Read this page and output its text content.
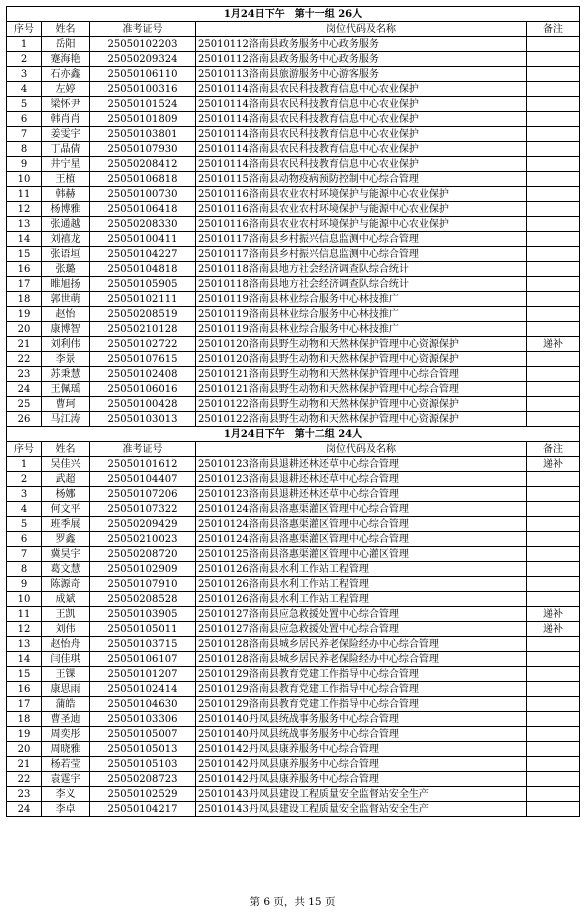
1月24日下午　第十一组 26人				
序号	姓名	准考证号	岗位代码及名称	备注
1	岳阳	25050102203	25010112洛南县政务服务中心政务服务	
2	蹇海艳	25050209324	25010112洛南县政务服务中心政务服务	
3	石亦鑫	25050106110	25010113洛南县旅游服务中心游客服务	
4	左婷	25050100316	25010114洛南县农民科技教育信息中心农业保护	
5	梁怀尹	25050101524	25010114洛南县农民科技教育信息中心农业保护	
6	韩肖肖	25050101809	25010114洛南县农民科技教育信息中心农业保护	
7	姜雯宇	25050103801	25010114洛南县农民科技教育信息中心农业保护	
8	丁晶倩	25050107930	25010114洛南县农民科技教育信息中心农业保护	
9	井宁星	25050208412	25010114洛南县农民科技教育信息中心农业保护	
10	王植	25050106818	25010115洛南县动物疫病预防控制中心综合管理	
11	韩赫	25050100730	25010116洛南县农业农村环境保护与能源中心农业保护	
12	杨博雅	25050106418	25010116洛南县农业农村环境保护与能源中心农业保护	
13	张通越	25050208330	25010116洛南县农业农村环境保护与能源中心农业保护	
14	刘禧龙	25050100411	25010117洛南县乡村振兴信息监测中心综合管理	
15	张语垣	25050104227	25010117洛南县乡村振兴信息监测中心综合管理	
16	张璐	25050104818	25010118洛南县地方社会经济调查队综合统计	
17	睢旭扬	25050105905	25010118洛南县地方社会经济调查队综合统计	
18	郭世萌	25050102111	25010119洛南县林业综合服务中心林技推广	
19	赵怡	25050208519	25010119洛南县林业综合服务中心林技推广	
20	康博智	25050210128	25010119洛南县林业综合服务中心林技推广	
21	刘利伟	25050102722	25010120洛南县野生动物和天然林保护管理中心资源保护	递补
22	李景	25050107615	25010120洛南县野生动物和天然林保护管理中心资源保护	
23	苏秉慧	25050102408	25010121洛南县野生动物和天然林保护管理中心综合管理	
24	王佩瑶	25050106016	25010121洛南县野生动物和天然林保护管理中心综合管理	
25	曹珂	25050100428	25010122洛南县野生动物和天然林保护管理中心资源保护	
26	马江涛	25050103013	25010122洛南县野生动物和天然林保护管理中心资源保护	
1月24日下午　第十二组 24人				
序号	姓名	准考证号	岗位代码及名称	备注
1	吴佳兴	25050101612	25010123洛南县退耕还林还草中心综合管理	递补
2	武超	25050104407	25010123洛南县退耕还林还草中心综合管理	
3	杨娜	25050107206	25010123洛南县退耕还林还草中心综合管理	
4	何文平	25050107322	25010124洛南县洛惠渠灌区管理中心综合管理	
5	班季展	25050209429	25010124洛南县洛惠渠灌区管理中心综合管理	
6	罗鑫	25050210023	25010124洛南县洛惠渠灌区管理中心综合管理	
7	冀昊宇	25050208720	25010125洛南县洛惠渠灌区管理中心灌区管理	
8	葛文慧	25050102909	25010126洛南县水利工作站工程管理	
9	陈源奇	25050107910	25010126洛南县水利工作站工程管理	
10	成斌	25050208528	25010126洛南县水利工作站工程管理	
11	王凯	25050103905	25010127洛南县应急救援处置中心综合管理	递补
12	刘伟	25050105011	25010127洛南县应急救援处置中心综合管理	递补
13	赵怡舟	25050103715	25010128洛南县城乡居民养老保险经办中心综合管理	
14	闫佳琪	25050106107	25010128洛南县城乡居民养老保险经办中心综合管理	
15	王锞	25050101207	25010129洛南县教育党建工作指导中心综合管理	
16	康思雨	25050102414	25010129洛南县教育党建工作指导中心综合管理	
17	蒲皓	25050104630	25010129洛南县教育党建工作指导中心综合管理	
18	曹圣迪	25050103306	25010140丹凤县统战事务服务中心综合管理	
19	周奕彤	25050105007	25010140丹凤县统战事务服务中心综合管理	
20	周晓雅	25050105013	25010142丹凤县康养服务中心综合管理	
21	杨若莹	25050105103	25010142丹凤县康养服务中心综合管理	
22	袁霆宇	25050208723	25010142丹凤县康养服务中心综合管理	
23	李义	25050102529	25010143丹凤县建设工程质量安全监督站安全生产	
24	李卓	25050104217	25010143丹凤县建设工程质量安全监督站安全生产	
第 6 页，共 15 页
